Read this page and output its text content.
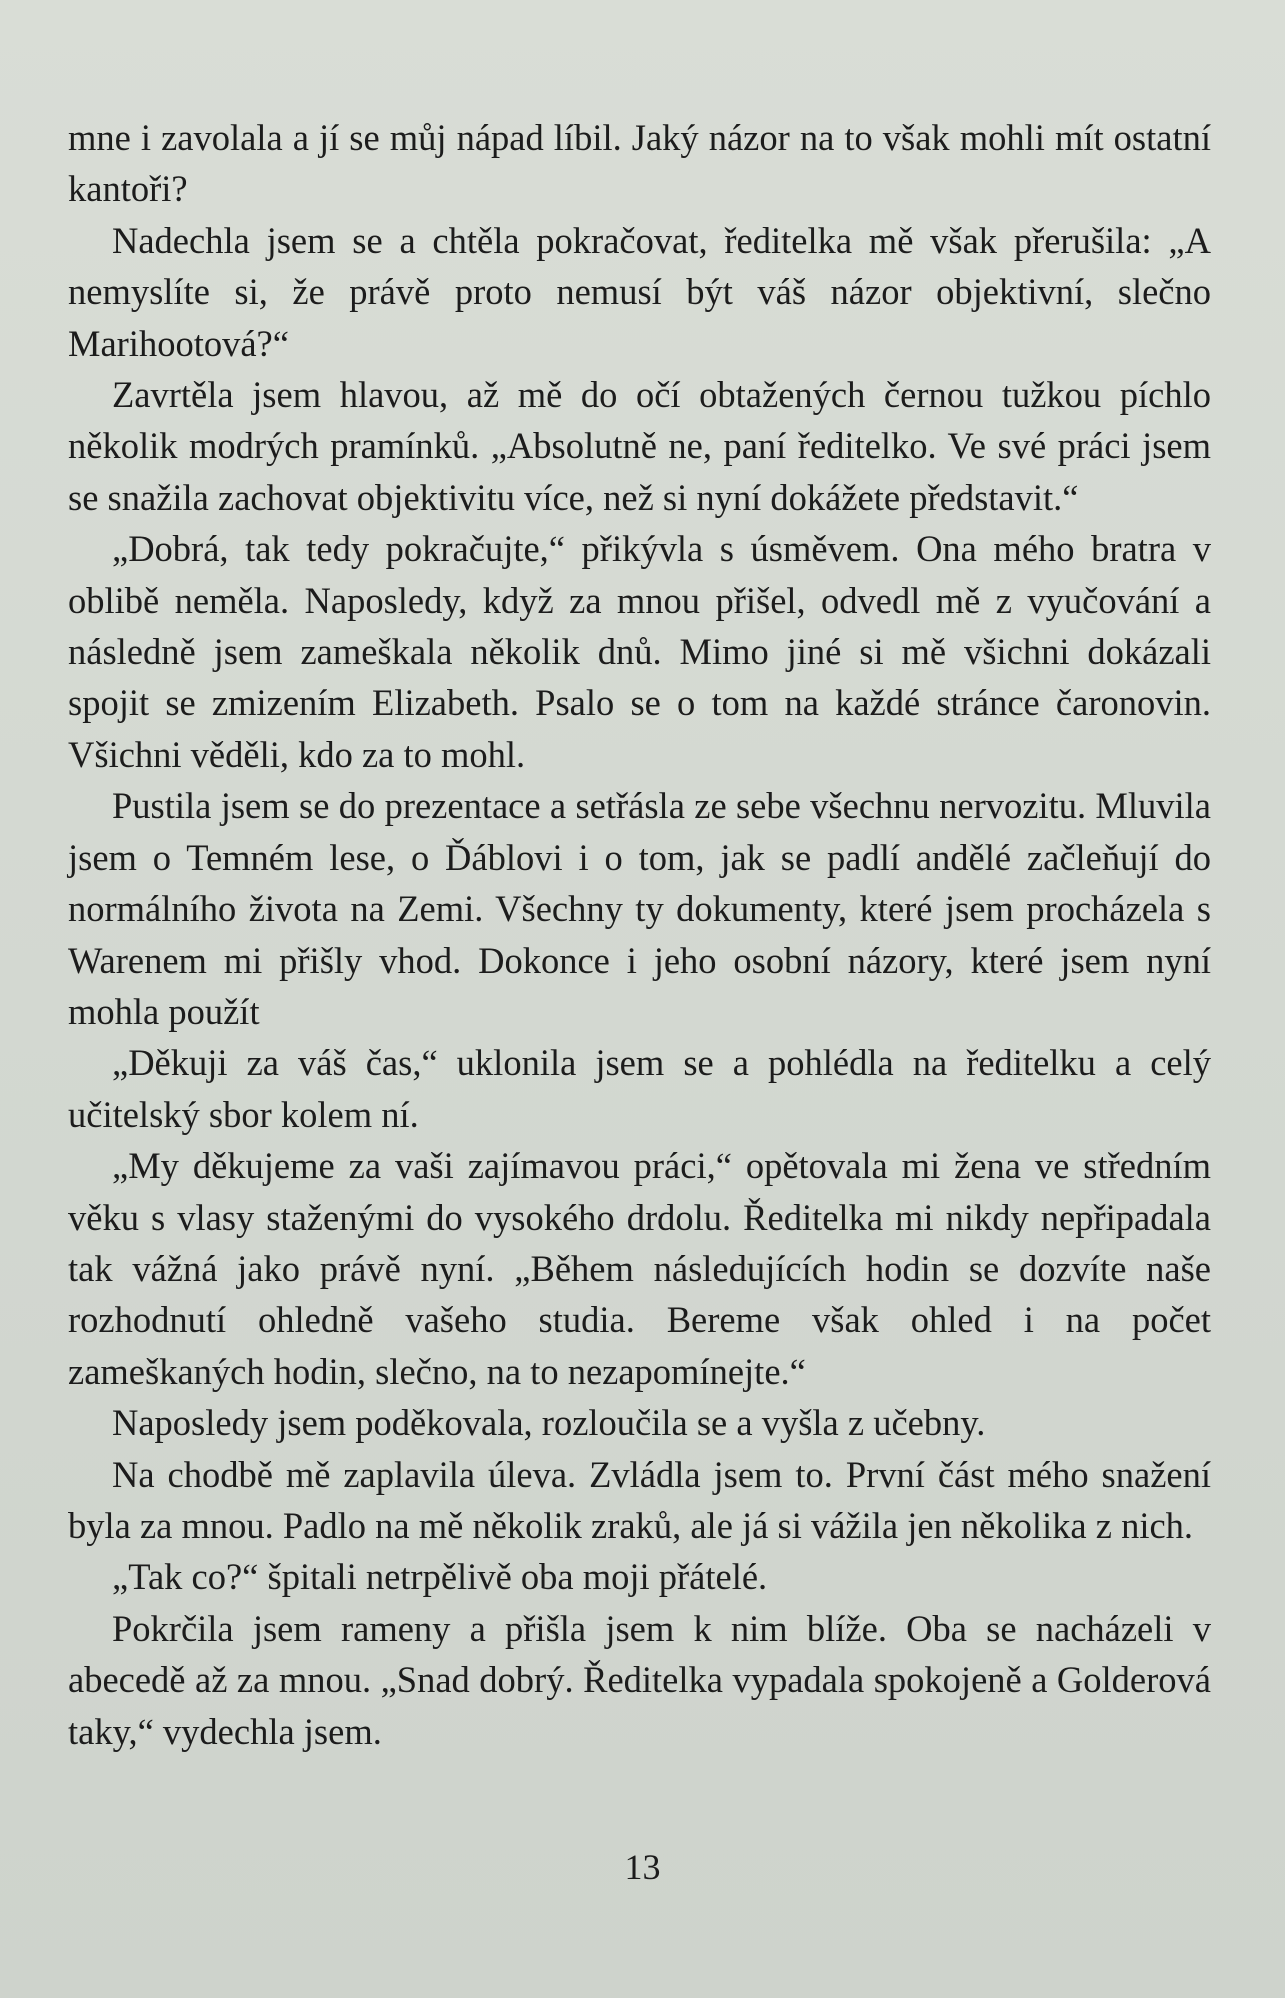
mne i zavolala a jí se můj nápad líbil. Jaký názor na to však mohli mít ostatní kantoři?

Nadechla jsem se a chtěla pokračovat, ředitelka mě však přerušila: „A nemyslíte si, že právě proto nemusí být váš názor objektivní, slečno Marihootová?“

Zavrtěla jsem hlavou, až mě do očí obtažených černou tužkou píchlo několik modrých pramínků. „Absolutně ne, paní ředitelko. Ve své práci jsem se snažila zachovat objektivitu více, než si nyní dokážete představit.“

„Dobrá, tak tedy pokračujte,“ přikývla s úsměvem. Ona mého bratra v oblibě neměla. Naposledy, když za mnou přišel, odvedl mě z vyučování a následně jsem zameškala několik dnů. Mimo jiné si mě všichni dokázali spojit se zmizením Elizabeth. Psalo se o tom na každé stránce čaronovin. Všichni věděli, kdo za to mohl.

Pustila jsem se do prezentace a setřásla ze sebe všechnu nervozitu. Mluvila jsem o Temném lese, o Ďáblovi i o tom, jak se padlí andělé začleňují do normálního života na Zemi. Všechny ty dokumenty, které jsem procházela s Warenem mi přišly vhod. Dokonce i jeho osobní názory, které jsem nyní mohla použít

„Děkuji za váš čas,“ uklonila jsem se a pohlédla na ředitelku a celý učitelský sbor kolem ní.

„My děkujeme za vaši zajímavou práci,“ opětovala mi žena ve středním věku s vlasy staženými do vysokého drdolu. Ředitelka mi nikdy nepřipadala tak vážná jako právě nyní. „Během následujících hodin se dozvíte naše rozhodnutí ohledně vašeho studia. Bereme však ohled i na počet zameškaných hodin, slečno, na to nezapomínejte.“

Naposledy jsem poděkovala, rozloučila se a vyšla z učebny.

Na chodbě mě zaplavila úleva. Zvládla jsem to. První část mého snažení byla za mnou. Padlo na mě několik zraků, ale já si vážila jen několika z nich.

„Tak co?“ špitali netrpělivě oba moji přátelé.

Pokrčila jsem rameny a přišla jsem k nim blíže. Oba se nacházeli v abecedě až za mnou. „Snad dobrý. Ředitelka vypadala spokojeně a Golderová taky,“ vydechla jsem.

13
